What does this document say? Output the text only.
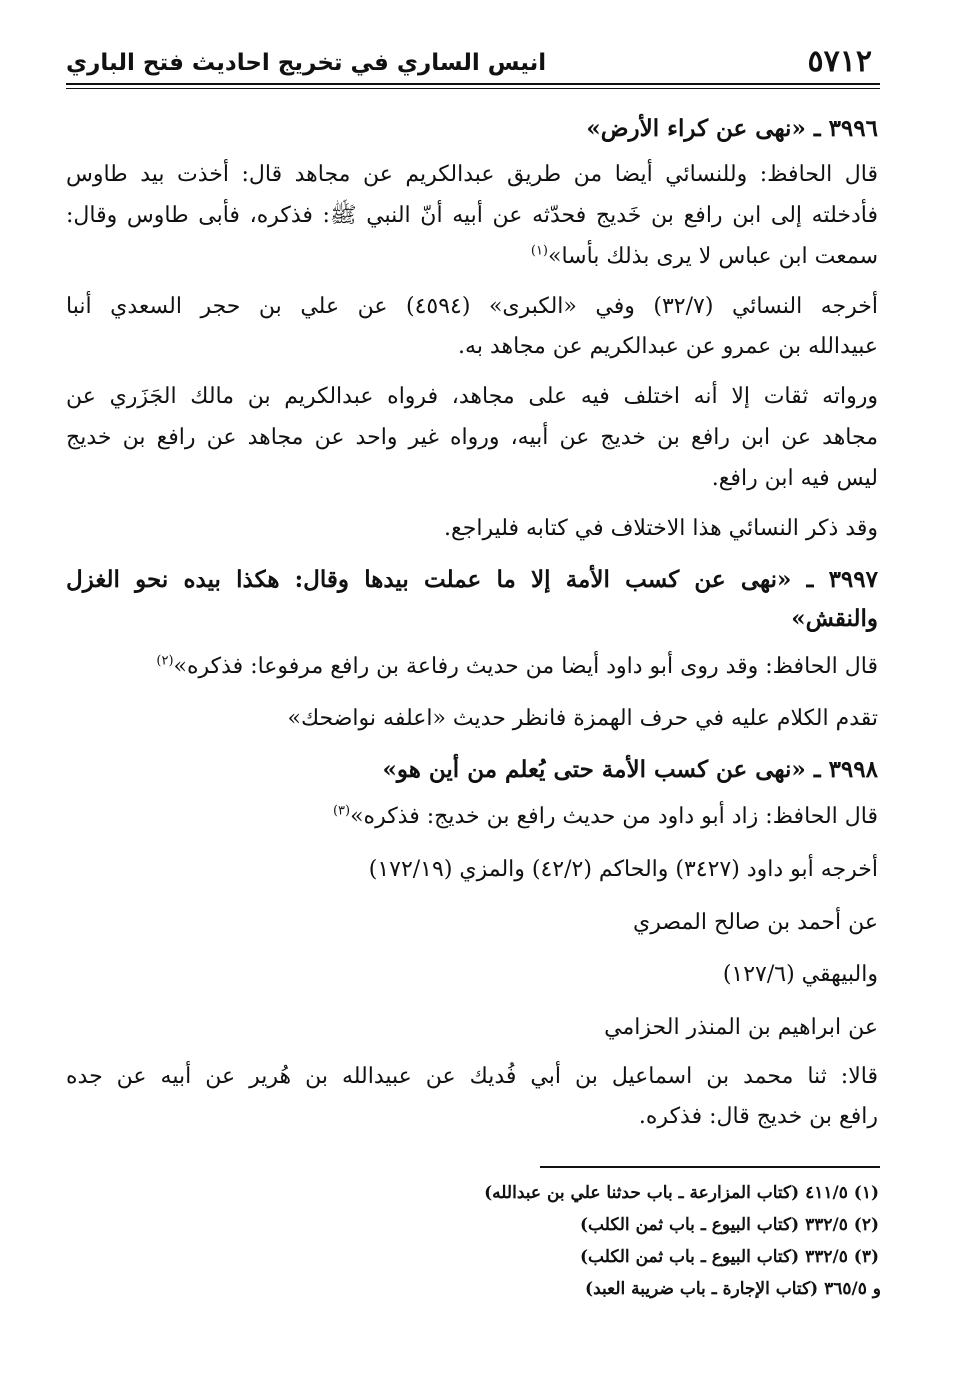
٥٧١٢
انيس الساري في تخريج احاديث فتح الباري
٣٩٩٦ ـ «نهى عن كراء الأرض»
قال الحافظ: وللنسائي أيضا من طريق عبدالكريم عن مجاهد قال: أخذت بيد طاوس
فأدخلته إلى ابن رافع بن خَديج فحدّثه عن أبيه أنّ النبي ﷺ: فذكره، فأبى طاوس وقال:
سمعت ابن عباس لا يرى بذلك بأسا»$^{(١)}$
أخرجه النسائي (٣٢/٧) وفي «الكبرى» (٤٥٩٤) عن علي بن حجر السعدي أنبا
عبيدالله بن عمرو عن عبدالكريم عن مجاهد به.
ورواته ثقات إلا أنه اختلف فيه على مجاهد، فرواه عبدالكريم بن مالك الجَزَري عن
مجاهد عن ابن رافع بن خديج عن أبيه، ورواه غير واحد عن مجاهد عن رافع بن خديج
ليس فيه ابن رافع.
وقد ذكر النسائي هذا الاختلاف في كتابه فليراجع.
٣٩٩٧ ـ «نهى عن كسب الأمة إلا ما عملت بيدها وقال: هكذا بيده نحو الغزل
والنقش»
قال الحافظ: وقد روى أبو داود أيضا من حديث رفاعة بن رافع مرفوعا: فذكره»$^{(٢)}$
تقدم الكلام عليه في حرف الهمزة فانظر حديث «اعلفه نواضحك»
٣٩٩٨ ـ «نهى عن كسب الأمة حتى يُعلم من أين هو»
قال الحافظ: زاد أبو داود من حديث رافع بن خديج: فذكره»$^{(٣)}$
أخرجه أبو داود (٣٤٢٧) والحاكم (٤٢/٢) والمزي (١٧٢/١٩)
عن أحمد بن صالح المصري
والبيهقي (١٢٧/٦)
عن ابراهيم بن المنذر الحزامي
قالا: ثنا محمد بن اسماعيل بن أبي فُديك عن عبيدالله بن هُرير عن أبيه عن جده
رافع بن خديج قال: فذكره.
(١) ٤١١/٥ (كتاب المزارعة ـ باب حدثنا علي بن عبدالله)
(٢) ٣٣٢/٥ (كتاب البيوع ـ باب ثمن الكلب)
(٣) ٣٣٢/٥ (كتاب البيوع ـ باب ثمن الكلب)
و ٣٦٥/٥ (كتاب الإجارة ـ باب ضريبة العبد)
